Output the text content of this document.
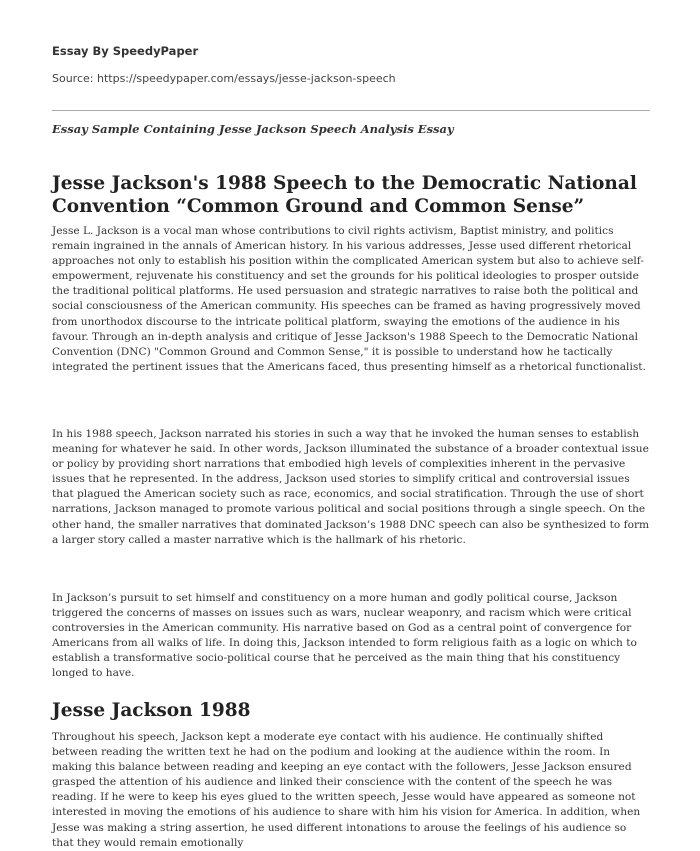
Essay By SpeedyPaper
Source: https://speedypaper.com/essays/jesse-jackson-speech
Essay Sample Containing Jesse Jackson Speech Analysis Essay
Jesse Jackson's 1988 Speech to the Democratic National Convention “Common Ground and Common Sense”

Jesse L. Jackson is a vocal man whose contributions to civil rights activism, Baptist ministry, and politics remain ingrained in the annals of American history. In his various addresses, Jesse used different rhetorical approaches not only to establish his position within the complicated American system but also to achieve self-empowerment, rejuvenate his constituency and set the grounds for his political ideologies to prosper outside the traditional political platforms. He used persuasion and strategic narratives to raise both the political and social consciousness of the American community. His speeches can be framed as having progressively moved from unorthodox discourse to the intricate political platform, swaying the emotions of the audience in his favour. Through an in-depth analysis and critique of Jesse Jackson's 1988 Speech to the Democratic National Convention (DNC) "Common Ground and Common Sense," it is possible to understand how he tactically integrated the pertinent issues that the Americans faced, thus presenting himself as a rhetorical functionalist.

In his 1988 speech, Jackson narrated his stories in such a way that he invoked the human senses to establish meaning for whatever he said. In other words, Jackson illuminated the substance of a broader contextual issue or policy by providing short narrations that embodied high levels of complexities inherent in the pervasive issues that he represented. In the address, Jackson used stories to simplify critical and controversial issues that plagued the American society such as race, economics, and social stratification. Through the use of short narrations, Jackson managed to promote various political and social positions through a single speech. On the other hand, the smaller narratives that dominated Jackson’s 1988 DNC speech can also be synthesized to form a larger story called a master narrative which is the hallmark of his rhetoric.

In Jackson’s pursuit to set himself and constituency on a more human and godly political course, Jackson triggered the concerns of masses on issues such as wars, nuclear weaponry, and racism which were critical controversies in the American community. His narrative based on God as a central point of convergence for Americans from all walks of life. In doing this, Jackson intended to form religious faith as a logic on which to establish a transformative socio-political course that he perceived as the main thing that his constituency longed to have.

Jesse Jackson 1988

Throughout his speech, Jackson kept a moderate eye contact with his audience. He continually shifted between reading the written text he had on the podium and looking at the audience within the room. In making this balance between reading and keeping an eye contact with the followers, Jesse Jackson ensured grasped the attention of his audience and linked their conscience with the content of the speech he was reading. If he were to keep his eyes glued to the written speech, Jesse would have appeared as someone not interested in moving the emotions of his audience to share with him his vision for America. In addition, when Jesse was making a string assertion, he used different intonations to arouse the feelings of his audience so that they would remain emotionally
